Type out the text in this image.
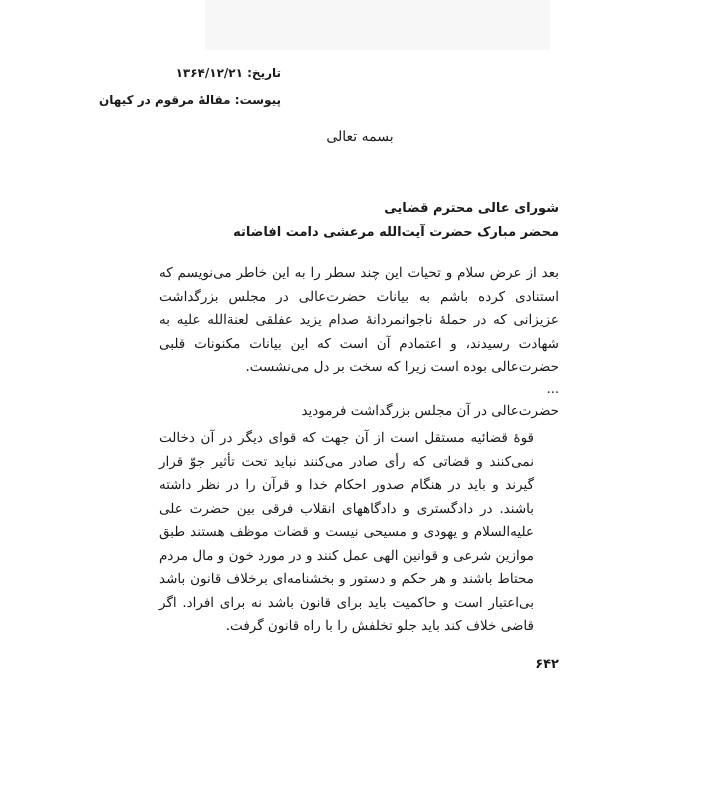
تاریخ: ۱۳۶۴/۱۲/۲۱
پیوست: مقالهٔ مرقوم در کیهان
بسمه تعالی
شورای عالی محترم قضایی
محضر مبارک حضرت آیت‌الله مرعشی دامت افاضاته
بعد از عرض سلام و تحیات این چند سطر را به این خاطر می‌نویسم که استنادی کرده باشم به بیانات حضرت‌عالی در مجلس بزرگداشت عزیزانی که در حملهٔ ناجوانمردانهٔ صدام یزید عفلقی لعنةالله علیه به شهادت رسیدند، و اعتمادم آن است که این بیانات مکنونات قلبی حضرت‌عالی بوده است زیرا که سخت بر دل می‌نشست.
...
حضرت‌عالی در آن مجلس بزرگداشت فرمودید
قوهٔ قضائیه مستقل است از آن جهت که قوای دیگر در آن دخالت نمی‌کنند و قضاتی که رأی صادر می‌کنند نباید تحت تأثیر جوّ قرار گیرند و باید در هنگام صدور احکام خدا و قرآن را در نظر داشته باشند. در دادگستری و دادگاههای انقلاب فرقی بین حضرت علی علیه‌السلام و یهودی و مسیحی نیست و قضات موظف هستند طبق موازین شرعی و قوانین الهی عمل کنند و در مورد خون و مال مردم محتاط باشند و هر حکم و دستور و بخشنامه‌ای برخلاف قانون باشد بی‌اعتبار است و حاکمیت باید برای قانون باشد نه برای افراد. اگر قاضی خلاف کند باید جلو تخلفش را با راه قانون گرفت.
۶۴۲
